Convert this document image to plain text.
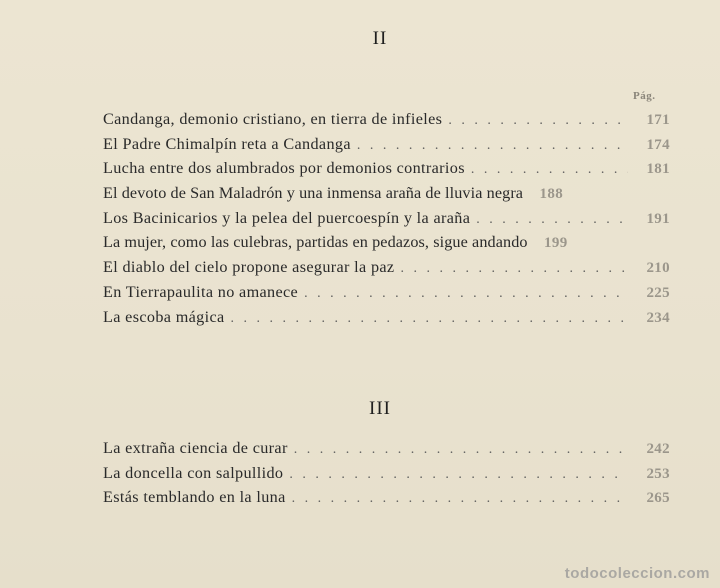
II
Pág.
Candanga, demonio cristiano, en tierra de infieles . . .	171
El Padre Chimalpín reta a Candanga . . .	174
Lucha entre dos alumbrados por demonios contrarios . . .	181
El devoto de San Maladrón y una inmensa araña de lluvia negra	188
Los Bacinicarios y la pelea del puercoespín y la araña . . .	191
La mujer, como las culebras, partidas en pedazos, sigue andando	199
El diablo del cielo propone asegurar la paz . . .	210
En Tierrapaulita no amanece . . .	225
La escoba mágica . . .	234
III
La extraña ciencia de curar . . .	242
La doncella con salpullido . . .	253
Estás temblando en la luna . . .	265
todocoleccion.com
